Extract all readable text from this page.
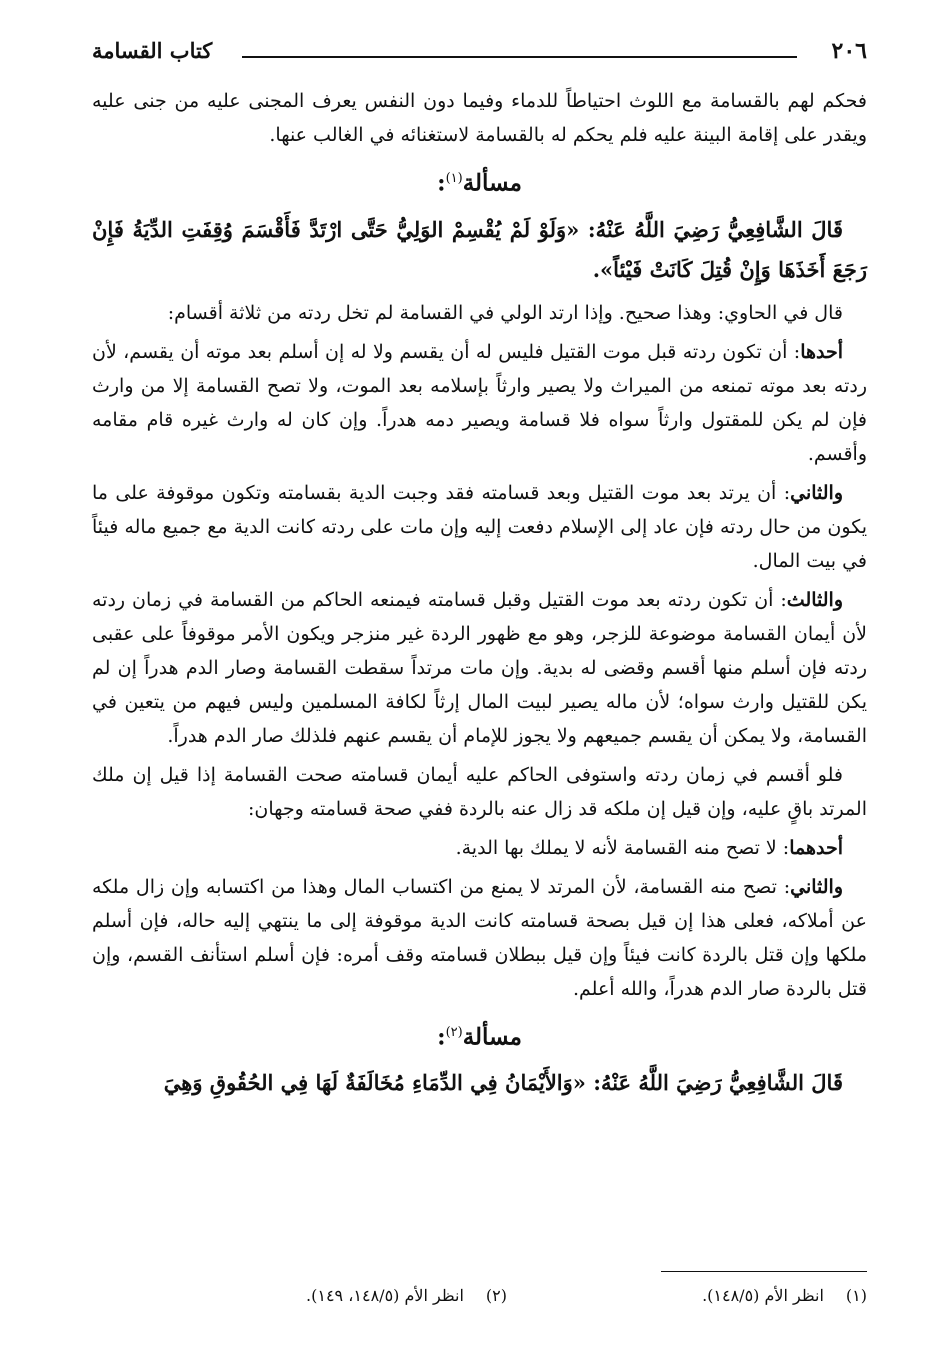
٢٠٦
كتاب القسامة

فحكم لهم بالقسامة مع اللوث احتياطاً للدماء وفيما دون النفس يعرف المجنى عليه من جنى عليه ويقدر على إقامة البينة عليه فلم يحكم له بالقسامة لاستغنائه في الغالب عنها.

مسألة$^{(١)}$:

قَالَ الشَّافِعِيُّ رَضِيَ اللَّهُ عَنْهُ: «وَلَوْ لَمْ يُقْسِمْ الوَلِيُّ حَتَّى ارْتَدَّ فَأَقْسَمَ وُقِفَتِ الدِّيَةُ فَإِنْ رَجَعَ أَخَذَهَا وَإِنْ قُتِلَ كَانَتْ فَيْئاً».

قال في الحاوي: وهذا صحيح. وإذا ارتد الولي في القسامة لم تخل ردته من ثلاثة أقسام:

أحدها: أن تكون ردته قبل موت القتيل فليس له أن يقسم ولا له إن أسلم بعد موته أن يقسم، لأن ردته بعد موته تمنعه من الميراث ولا يصير وارثاً بإسلامه بعد الموت، ولا تصح القسامة إلا من وارث فإن لم يكن للمقتول وارثاً سواه فلا قسامة ويصير دمه هدراً. وإن كان له وارث غيره قام مقامه وأقسم.

والثاني: أن يرتد بعد موت القتيل وبعد قسامته فقد وجبت الدية بقسامته وتكون موقوفة على ما يكون من حال ردته فإن عاد إلى الإسلام دفعت إليه وإن مات على ردته كانت الدية مع جميع ماله فيئاً في بيت المال.

والثالث: أن تكون ردته بعد موت القتيل وقبل قسامته فيمنعه الحاكم من القسامة في زمان ردته لأن أيمان القسامة موضوعة للزجر، وهو مع ظهور الردة غير منزجر ويكون الأمر موقوفاً على عقبى ردته فإن أسلم منها أقسم وقضى له بدية. وإن مات مرتداً سقطت القسامة وصار الدم هدراً إن لم يكن للقتيل وارث سواه؛ لأن ماله يصير لبيت المال إرثاً لكافة المسلمين وليس فيهم من يتعين في القسامة، ولا يمكن أن يقسم جميعهم ولا يجوز للإمام أن يقسم عنهم فلذلك صار الدم هدراً.

فلو أقسم في زمان ردته واستوفى الحاكم عليه أيمان قسامته صحت القسامة إذا قيل إن ملك المرتد باقٍ عليه، وإن قيل إن ملكه قد زال عنه بالردة ففي صحة قسامته وجهان:

أحدهما: لا تصح منه القسامة لأنه لا يملك بها الدية.

والثاني: تصح منه القسامة، لأن المرتد لا يمنع من اكتساب المال وهذا من اكتسابه وإن زال ملكه عن أملاكه، فعلى هذا إن قيل بصحة قسامته كانت الدية موقوفة إلى ما ينتهي إليه حاله، فإن أسلم ملكها وإن قتل بالردة كانت فيئاً وإن قيل ببطلان قسامته وقف أمره: فإن أسلم استأنف القسم، وإن قتل بالردة صار الدم هدراً، والله أعلم.

مسألة$^{(٢)}$:

قَالَ الشَّافِعِيُّ رَضِيَ اللَّهُ عَنْهُ: «وَالأَيْمَانُ فِي الدِّمَاءِ مُخَالَفَةٌ لَهَا فِي الحُقُوقِ وَهِيَ

(١)انظر الأم (١٤٨/٥).
(٢)انظر الأم (١٤٨/٥، ١٤٩).
